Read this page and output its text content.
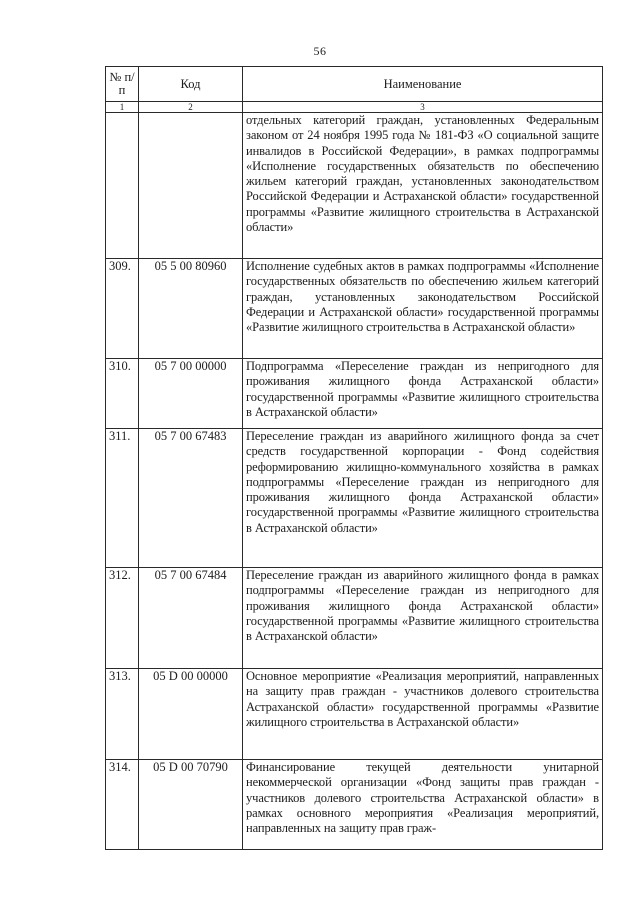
56
№ п/п	Код	Наименование
1	2	3
		отдельных категорий граждан, установленных Федеральным законом от 24 ноября 1995 года № 181-ФЗ «О социальной защите инвалидов в Российской Федерации», в рамках подпрограммы «Исполнение государственных обязательств по обеспечению жильем категорий граждан, установленных законодательством Российской Федерации и Астраханской области» государственной программы «Развитие жилищного строительства в Астраханской области»
309.	05 5 00 80960	Исполнение судебных актов в рамках подпрограммы «Исполнение государственных обязательств по обеспечению жильем категорий граждан, установленных законодательством Российской Федерации и Астраханской области» государственной программы «Развитие жилищного строительства в Астраханской области»
310.	05 7 00 00000	Подпрограмма «Переселение граждан из непригодного для проживания жилищного фонда Астраханской области» государственной программы «Развитие жилищного строительства в Астраханской области»
311.	05 7 00 67483	Переселение граждан из аварийного жилищного фонда за счет средств государственной корпорации - Фонд содействия реформированию жилищно-коммунального хозяйства в рамках подпрограммы «Переселение граждан из непригодного для проживания жилищного фонда Астраханской области» государственной программы «Развитие жилищного строительства в Астраханской области»
312.	05 7 00 67484	Переселение граждан из аварийного жилищного фонда в рамках подпрограммы «Переселение граждан из непригодного для проживания жилищного фонда Астраханской области» государственной программы «Развитие жилищного строительства в Астраханской области»
313.	05 D 00 00000	Основное мероприятие «Реализация мероприятий, направленных на защиту прав граждан - участников долевого строительства Астраханской области» государственной программы «Развитие жилищного строительства в Астраханской области»
314.	05 D 00 70790	Финансирование текущей деятельности унитарной некоммерческой организации «Фонд защиты прав граждан - участников долевого строительства Астраханской области» в рамках основного мероприятия «Реализация мероприятий, направленных на защиту прав граж-
